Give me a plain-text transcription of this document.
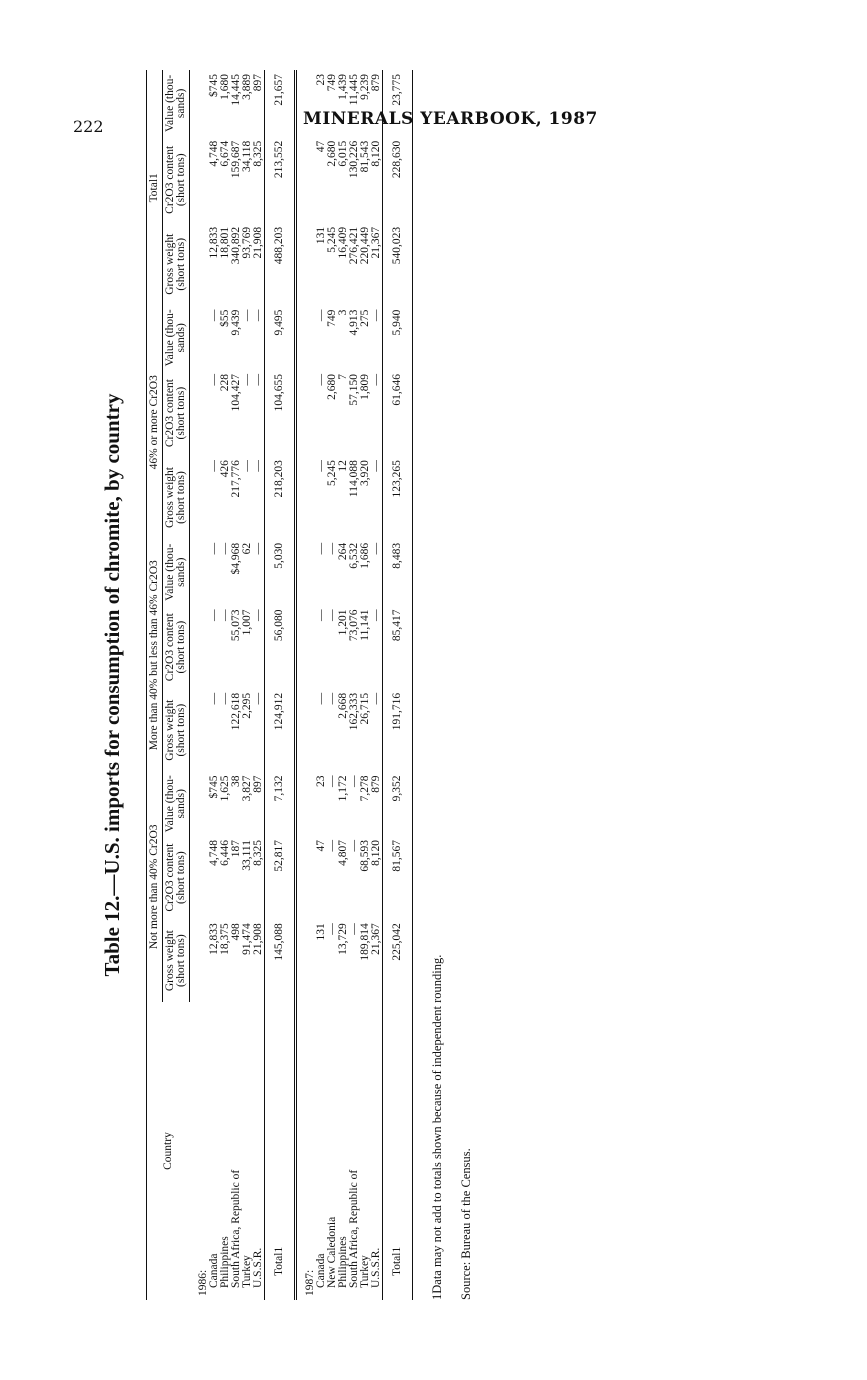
222	MINERALS YEARBOOK, 1987
Table 12.—U.S. imports for consumption of chromite, by country
Country	Not more than 40% Cr2O3			More than 40% but less than 46% Cr2O3			46% or more Cr2O3			Total1		
	Gross weight (short tons)	Cr2O3 content (short tons)	Value (thou- sands)	Gross weight (short tons)	Cr2O3 content (short tons)	Value (thou- sands)	Gross weight (short tons)	Cr2O3 content (short tons)	Value (thou- sands)	Gross weight (short tons)	Cr2O3 content (short tons)	Value (thou- sands)
1986:												
Canada	12,833	4,748	$745	—	—	—	—	—	—	12,833	4,748	$745
Philippines	18,375	6,446	1,625	—	—	—	426	228	$55	18,801	6,674	1,680
South Africa, Republic of	498	187	38	122,618	55,073	$4,968	217,776	104,427	9,439	340,892	159,687	14,445
Turkey	91,474	33,111	3,827	2,295	1,007	62	—	—	—	93,769	34,118	3,889
U.S.S.R.	21,908	8,325	897	—	—	—	—	—	—	21,908	8,325	897
Total1	145,088	52,817	7,132	124,912	56,080	5,030	218,203	104,655	9,495	488,203	213,552	21,657
1987:												
Canada	131	47	23	—	—	—	—	—	—	131	47	23
New Caledonia	—	—	—	—	—	—	5,245	2,680	749	5,245	2,680	749
Philippines	13,729	4,807	1,172	2,668	1,201	264	12	7	3	16,409	6,015	1,439
South Africa, Republic of	—	—	—	162,333	73,076	6,532	114,088	57,150	4,913	276,421	130,226	11,445
Turkey	189,814	68,593	7,278	26,715	11,141	1,686	3,920	1,809	275	220,449	81,543	9,239
U.S.S.R.	21,367	8,120	879	—	—	—	—	—	—	21,367	8,120	879
Total1	225,042	81,567	9,352	191,716	85,417	8,483	123,265	61,646	5,940	540,023	228,630	23,775

1Data may not add to totals shown because of independent rounding. Source: Bureau of the Census.
